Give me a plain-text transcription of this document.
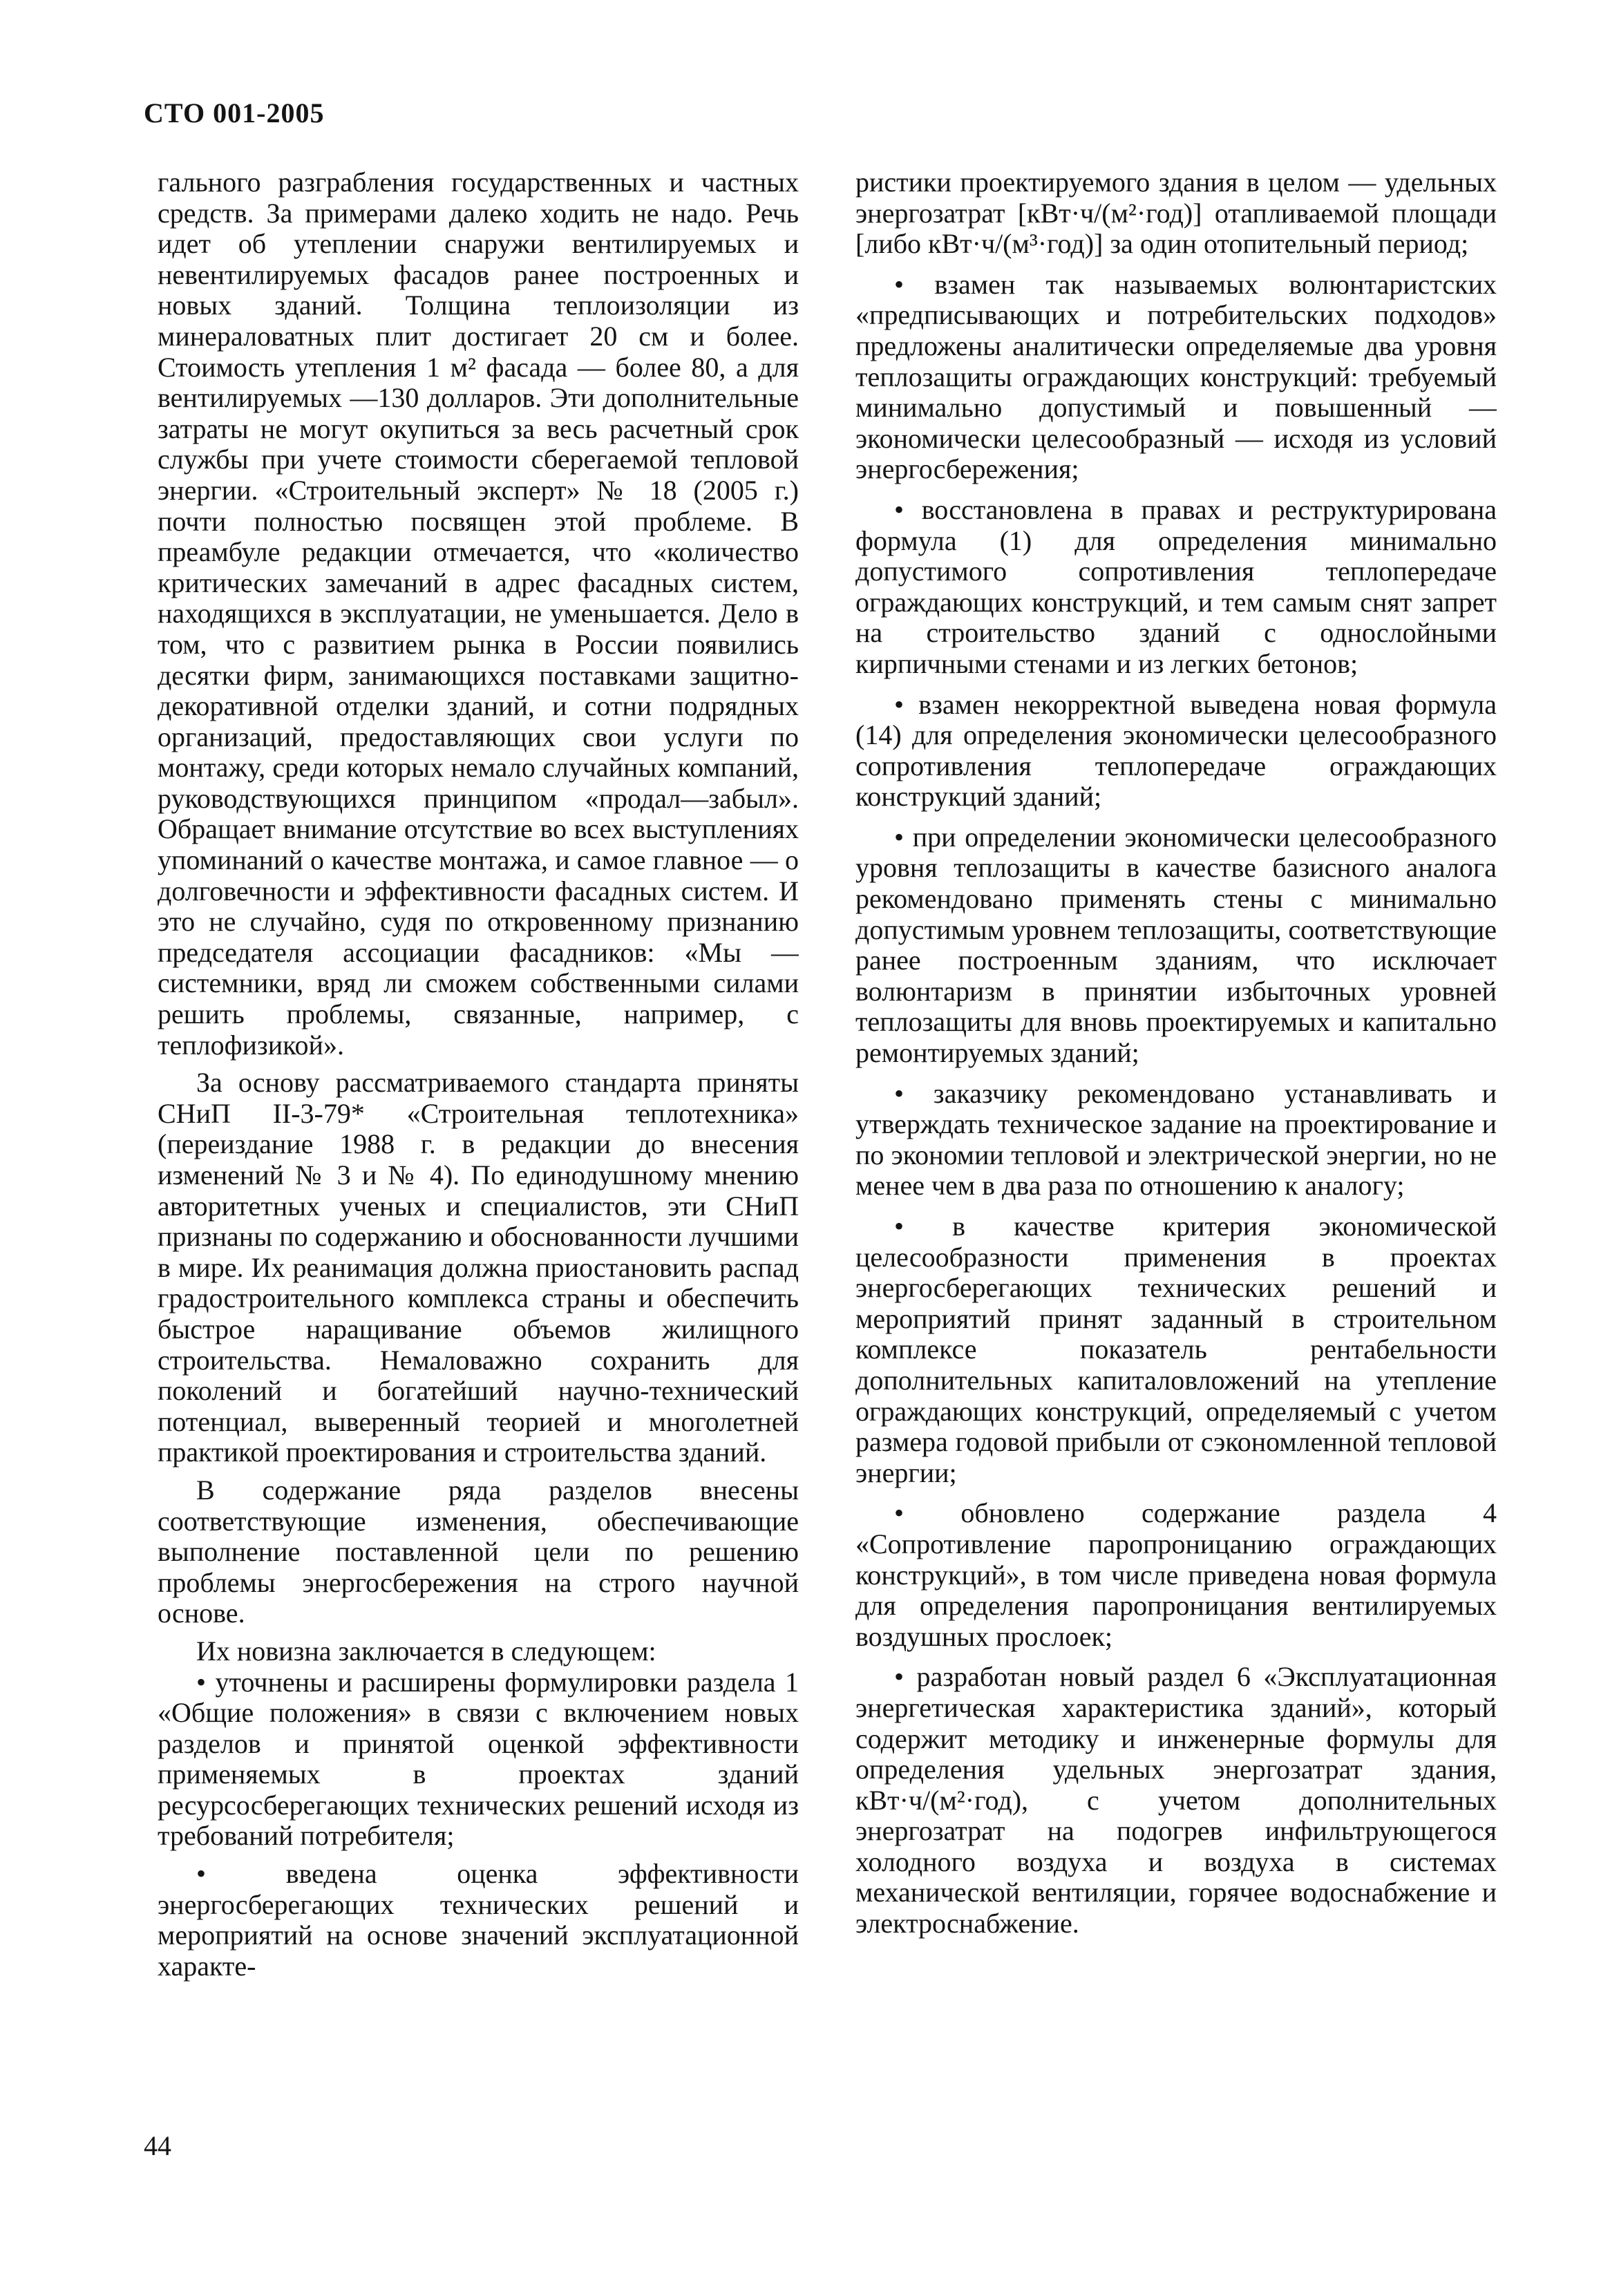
СТО 001-2005

гального разграбления государственных и частных средств. За примерами далеко ходить не надо. Речь идет об утеплении снаружи вентилируемых и невентилируемых фасадов ранее построенных и новых зданий. Толщина теплоизоляции из минераловатных плит достигает 20 см и более. Стоимость утепления 1 м² фасада — более 80, а для вентилируемых —130 долларов. Эти дополнительные затраты не могут окупиться за весь расчетный срок службы при учете стоимости сберегаемой тепловой энергии. «Строительный эксперт» № 18 (2005 г.) почти полностью посвящен этой проблеме. В преамбуле редакции отмечается, что «количество критических замечаний в адрес фасадных систем, находящихся в эксплуатации, не уменьшается. Дело в том, что с развитием рынка в России появились десятки фирм, занимающихся поставками защитно-декоративной отделки зданий, и сотни подрядных организаций, предоставляющих свои услуги по монтажу, среди которых немало случайных компаний, руководствующихся принципом «продал—забыл». Обращает внимание отсутствие во всех выступлениях упоминаний о качестве монтажа, и самое главное — о долговечности и эффективности фасадных систем. И это не случайно, судя по откровенному признанию председателя ассоциации фасадников: «Мы — системники, вряд ли сможем собственными силами решить проблемы, связанные, например, с теплофизикой».

За основу рассматриваемого стандарта приняты СНиП II-3-79* «Строительная теплотехника» (переиздание 1988 г. в редакции до внесения изменений № 3 и № 4). По единодушному мнению авторитетных ученых и специалистов, эти СНиП признаны по содержанию и обоснованности лучшими в мире. Их реанимация должна приостановить распад градостроительного комплекса страны и обеспечить быстрое наращивание объемов жилищного строительства. Немаловажно сохранить для поколений и богатейший научно-технический потенциал, выверенный теорией и многолетней практикой проектирования и строительства зданий.

В содержание ряда разделов внесены соответствующие изменения, обеспечивающие выполнение поставленной цели по решению проблемы энергосбережения на строго научной основе.

Их новизна заключается в следующем:

• уточнены и расширены формулировки раздела 1 «Общие положения» в связи с включением новых разделов и принятой оценкой эффективности применяемых в проектах зданий ресурсосберегающих технических решений исходя из требований потребителя;

• введена оценка эффективности энергосберегающих технических решений и мероприятий на основе значений эксплуатационной характе-

ристики проектируемого здания в целом — удельных энергозатрат [кВт·ч/(м²·год)] отапливаемой площади [либо кВт·ч/(м³·год)] за один отопительный период;

• взамен так называемых волюнтаристских «предписывающих и потребительских подходов» предложены аналитически определяемые два уровня теплозащиты ограждающих конструкций: требуемый минимально допустимый и повышенный — экономически целесообразный — исходя из условий энергосбережения;

• восстановлена в правах и реструктурирована формула (1) для определения минимально допустимого сопротивления теплопередаче ограждающих конструкций, и тем самым снят запрет на строительство зданий с однослойными кирпичными стенами и из легких бетонов;

• взамен некорректной выведена новая формула (14) для определения экономически целесообразного сопротивления теплопередаче ограждающих конструкций зданий;

• при определении экономически целесообразного уровня теплозащиты в качестве базисного аналога рекомендовано применять стены с минимально допустимым уровнем теплозащиты, соответствующие ранее построенным зданиям, что исключает волюнтаризм в принятии избыточных уровней теплозащиты для вновь проектируемых и капитально ремонтируемых зданий;

• заказчику рекомендовано устанавливать и утверждать техническое задание на проектирование и по экономии тепловой и электрической энергии, но не менее чем в два раза по отношению к аналогу;

• в качестве критерия экономической целесообразности применения в проектах энергосберегающих технических решений и мероприятий принят заданный в строительном комплексе показатель рентабельности дополнительных капиталовложений на утепление ограждающих конструкций, определяемый с учетом размера годовой прибыли от сэкономленной тепловой энергии;

• обновлено содержание раздела 4 «Сопротивление паропроницанию ограждающих конструкций», в том числе приведена новая формула для определения паропроницания вентилируемых воздушных прослоек;

• разработан новый раздел 6 «Эксплуатационная энергетическая характеристика зданий», который содержит методику и инженерные формулы для определения удельных энергозатрат здания, кВт·ч/(м²·год), с учетом дополнительных энергозатрат на подогрев инфильтрующегося холодного воздуха и воздуха в системах механической вентиляции, горячее водоснабжение и электроснабжение.

44
